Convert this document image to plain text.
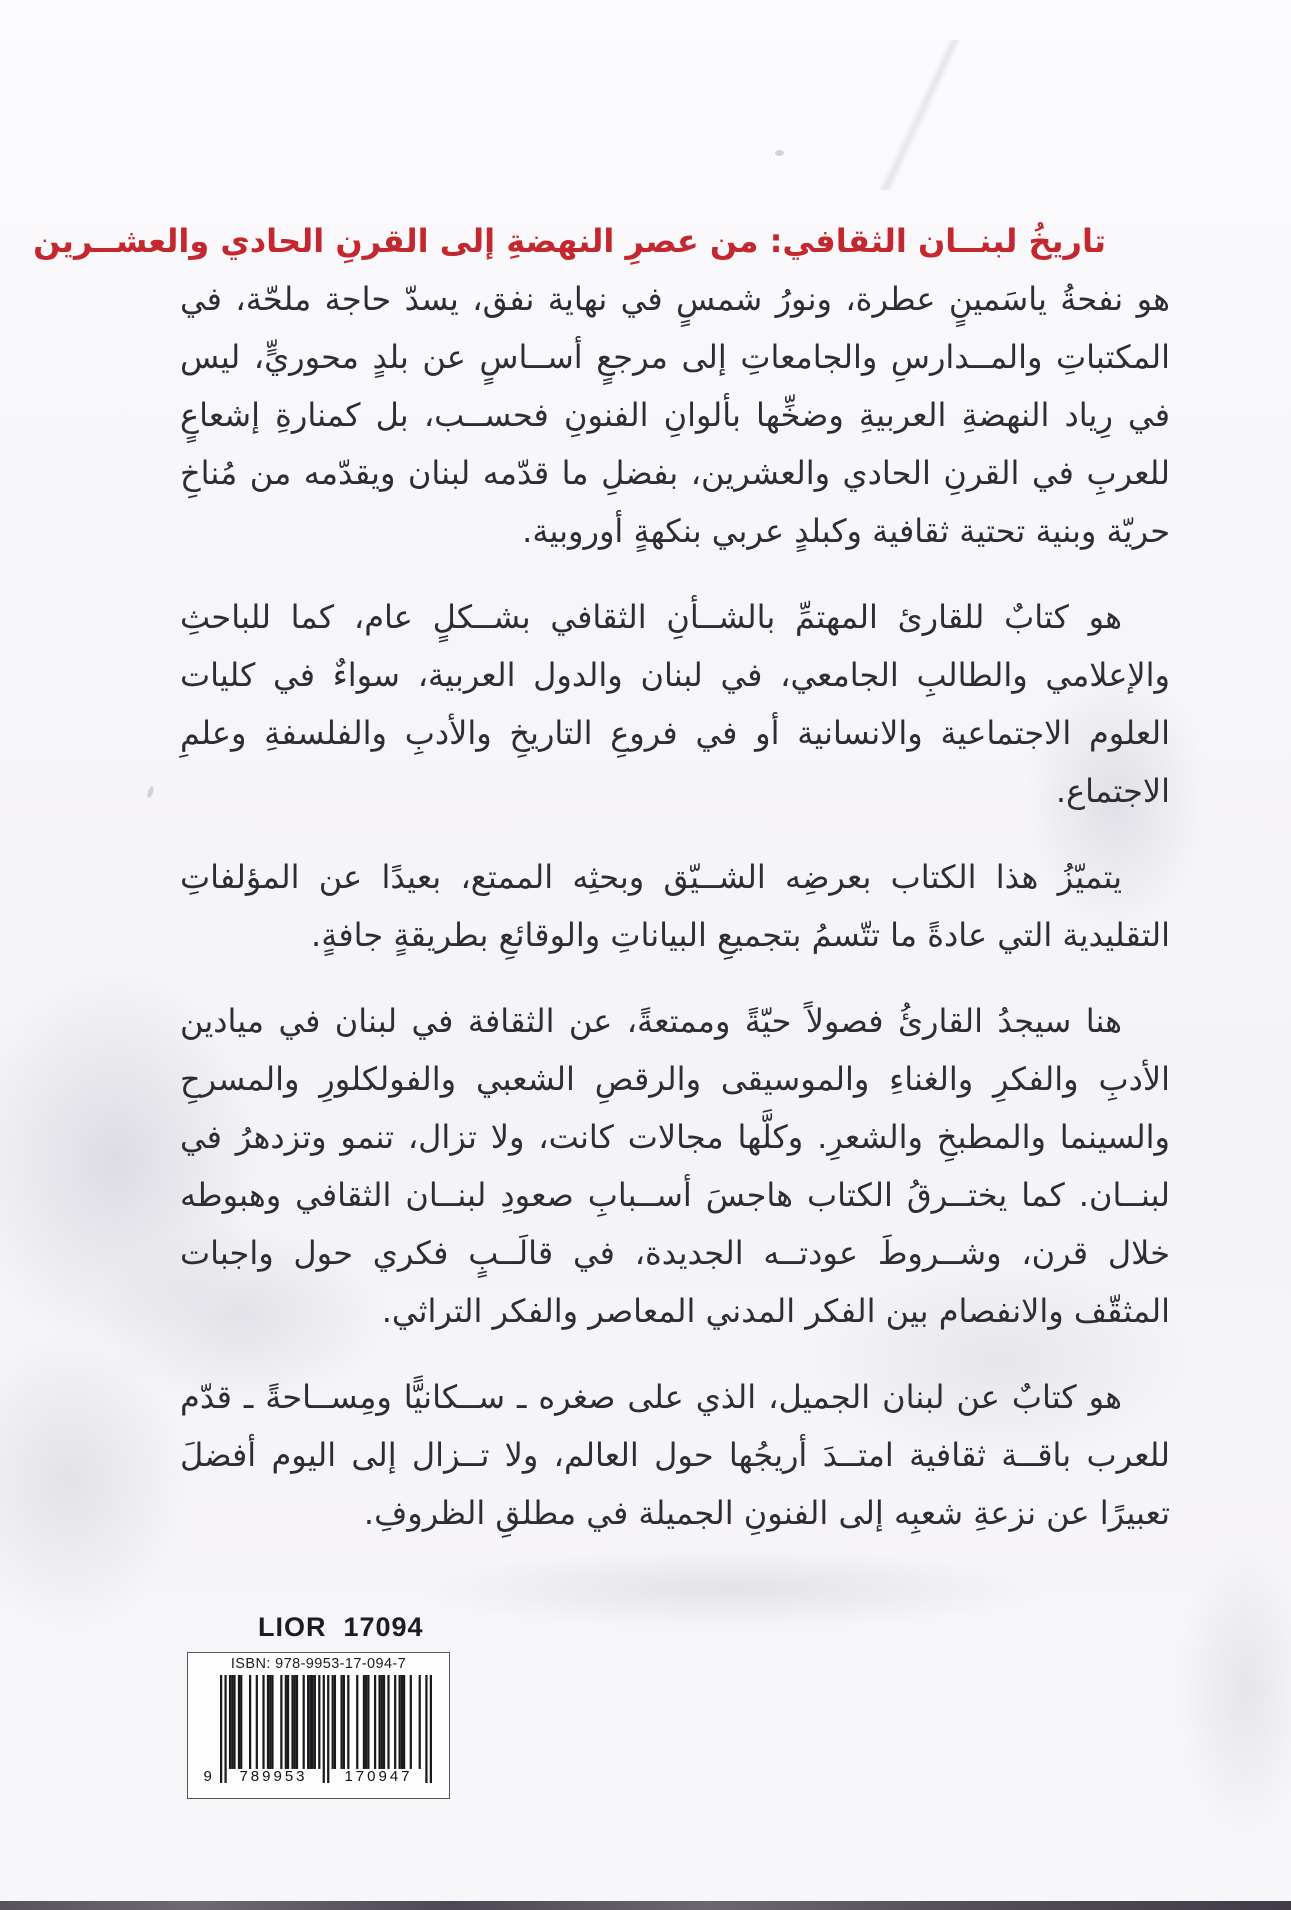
تاريخُ لبنــان الثقافي: من عصرِ النهضةِ إلى القرنِ الحادي والعشــرين

هو نفحةُ ياسَمينٍ عطرة، ونورُ شمسٍ في نهاية نفق، يسدّ حاجة ملحّة، في المكتباتِ والمــدارسِ والجامعاتِ إلى مرجعٍ أســاسٍ عن بلدٍ محوريٍّ، ليس في رِياد النهضةِ العربيةِ وضخِّها بألوانِ الفنونِ فحســب، بل كمنارةِ إشعاعٍ للعربِ في القرنِ الحادي والعشرين، بفضلِ ما قدّمه لبنان ويقدّمه من مُناخِ حريّة وبنية تحتية ثقافية وكبلدٍ عربي بنكهةٍ أوروبية.

هو كتابٌ للقارئ المهتمِّ بالشــأنِ الثقافي بشــكلٍ عام، كما للباحثِ والإعلامي والطالبِ الجامعي، في لبنان والدول العربية، سواءٌ في كليات العلوم الاجتماعية والانسانية أو في فروعِ التاريخِ والأدبِ والفلسفةِ وعلمِ الاجتماع.

يتميّزُ هذا الكتاب بعرضِه الشــيّق وبحثِه الممتع، بعيدًا عن المؤلفاتِ التقليدية التي عادةً ما تتّسمُ بتجميعِ البياناتِ والوقائعِ بطريقةٍ جافةٍ.

هنا سيجدُ القارئُ فصولاً حيّةً وممتعةً، عن الثقافة في لبنان في ميادين الأدبِ والفكرِ والغناءِ والموسيقى والرقصِ الشعبي والفولكلورِ والمسرحِ والسينما والمطبخِ والشعرِ. وكلَّها مجالات كانت، ولا تزال، تنمو وتزدهرُ في لبنــان. كما يختــرقُ الكتاب هاجسَ أســبابِ صعودِ لبنــان الثقافي وهبوطه خلال قرن، وشــروطَ عودتــه الجديدة، في قالَــبٍ فكري حول واجبات المثقّف والانفصام بين الفكر المدني المعاصر والفكر التراثي.

هو كتابٌ عن لبنان الجميل، الذي على صغره ـ ســكانيًّا ومِســاحةً ـ قدّم للعرب باقــة ثقافية امتــدَ أريجُها حول العالم، ولا تــزال إلى اليوم أفضلَ تعبيرًا عن نزعةِ شعبِه إلى الفنونِ الجميلة في مطلقِ الظروفِ.

LIOR  17094
ISBN: 978-9953-17-094-7
9	789953	170947
